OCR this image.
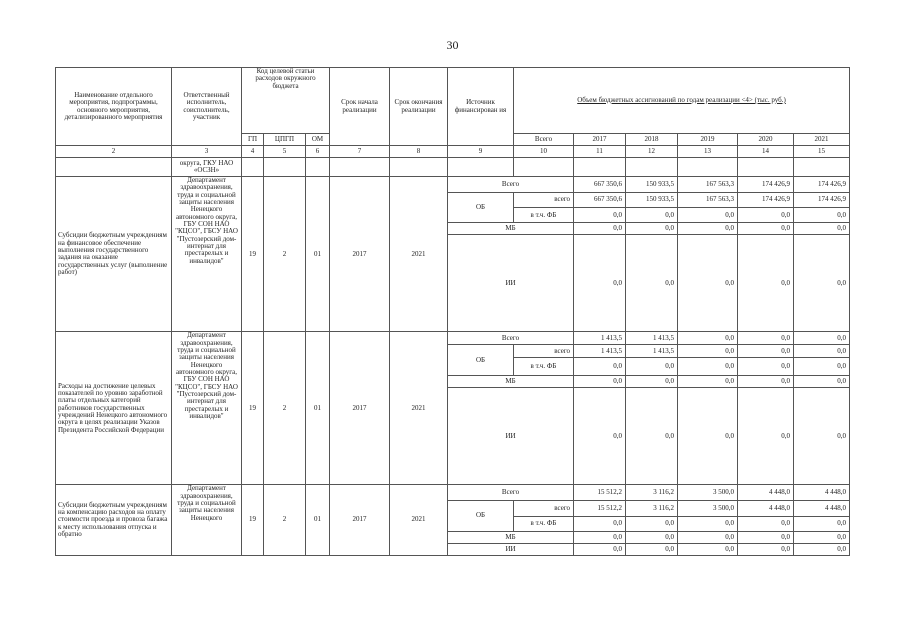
30
Наименование отдельного мероприятия, подпрограммы, основного мероприятия, детализированного мероприятия	Ответственный исполнитель, соисполнитель, участник	Код целевой статьи расходов окружного бюджета			Срок начала реализации	Срок окончания реализации	Источник финансирован ия	Объем бюджетных ассигнований по годам реализации <4> (тыс. руб.)						
		ГП	ЦПГП	ОМ				Всего	2017	2018	2019	2020	2021	
2	3	4	5	6	7	8	9	10	11	12	13	14	15	
	округа, ГКУ НАО «ОСЗН»													
Субсидии бюджетным учреждениям на финансовое обеспечение выполнения государственного задания на оказание государственных услуг (выполнение работ)	Департамент здравоохранения, труда и социальной защиты населения Ненецкого автономного округа, ГБУ СОН НАО "КЦСО", ГБСУ НАО "Пустозерский дом-интернат для престарелых и инвалидов"	19	2	01	2017	2021	Всего		667 350,6	150 933,5	167 563,3	174 426,9	174 426,9	
							ОБ	всего	667 350,6	150 933,5	167 563,3	174 426,9	174 426,9	
								в т.ч. ФБ	0,0	0,0	0,0	0,0	0,0	
							МБ		0,0	0,0	0,0	0,0	0,0	
							ИИ		0,0	0,0	0,0	0,0	0,0	
Расходы на достижение целевых показателей по уровню заработной платы отдельных категорий работников государственных учреждений Ненецкого автономного округа в целях реализации Указов Президента Российской Федерации	Департамент здравоохранения, труда и социальной защиты населения Ненецкого автономного округа, ГБУ СОН НАО "КЦСО", ГБСУ НАО "Пустозерский дом-интернат для престарелых и инвалидов"	19	2	01	2017	2021	Всего		1 413,5	1 413,5	0,0	0,0	0,0	
							ОБ	всего	1 413,5	1 413,5	0,0	0,0	0,0	
								в т.ч. ФБ	0,0	0,0	0,0	0,0	0,0	
							МБ		0,0	0,0	0,0	0,0	0,0	
							ИИ		0,0	0,0	0,0	0,0	0,0	
Субсидии бюджетным учреждениям на компенсацию расходов на оплату стоимости проезда и провоза багажа к месту использования отпуска и обратно	Департамент здравоохранения, труда и социальной защиты населения Ненецкого	19	2	01	2017	2021	Всего		15 512,2	3 116,2	3 500,0	4 448,0	4 448,0	
							ОБ	всего	15 512,2	3 116,2	3 500,0	4 448,0	4 448,0	
								в т.ч. ФБ	0,0	0,0	0,0	0,0	0,0	
							МБ		0,0	0,0	0,0	0,0	0,0	
							ИИ		0,0	0,0	0,0	0,0	0,0	
